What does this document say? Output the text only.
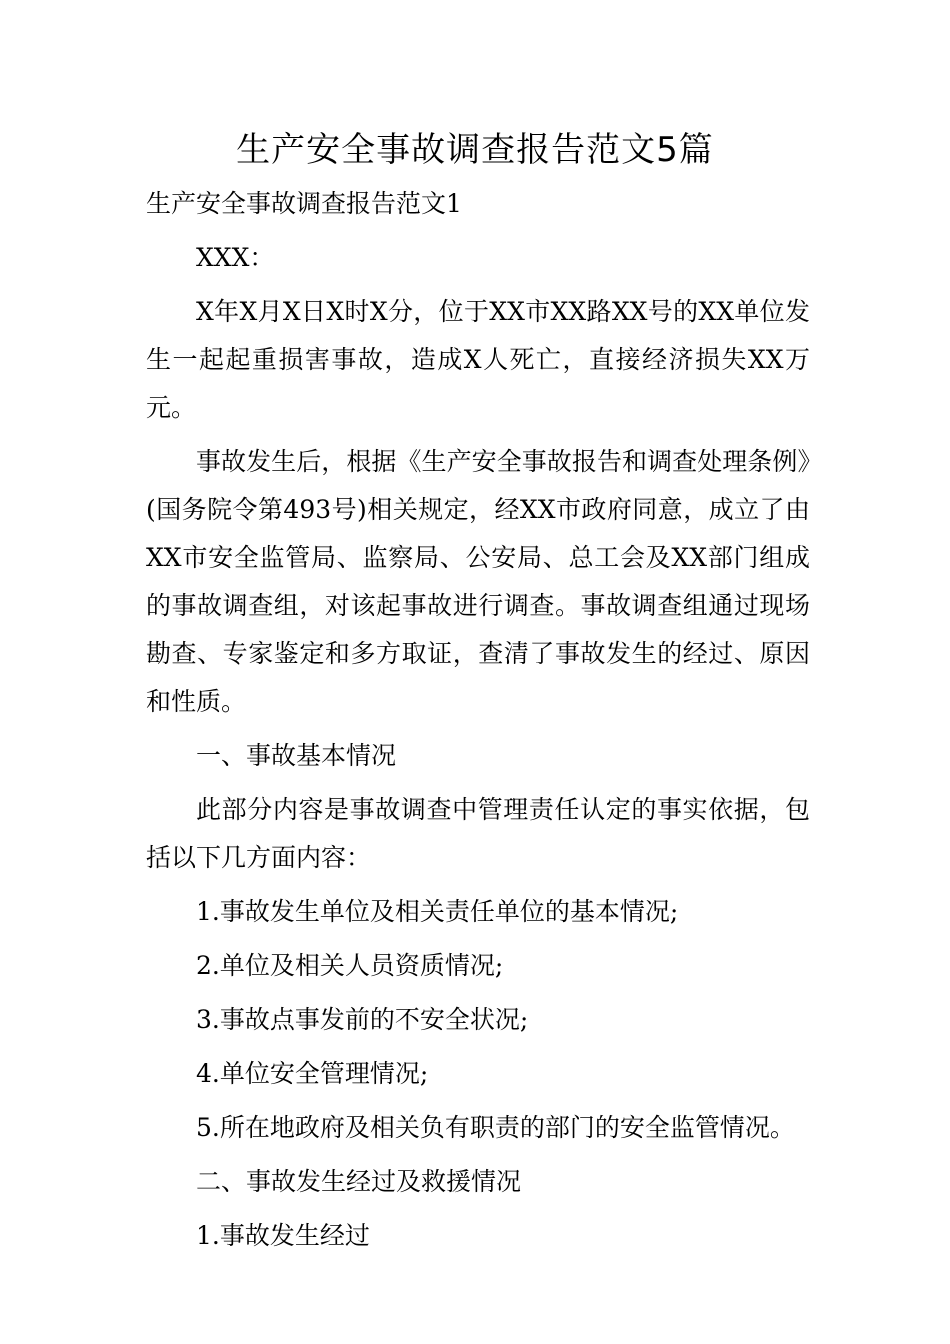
生产安全事故调查报告范文5篇

生产安全事故调查报告范文1

XXX：

X年X月X日X时X分，位于XX市XX路XX号的XX单位发生一起起重损害事故，造成X人死亡，直接经济损失XX万元。

事故发生后，根据《生产安全事故报告和调查处理条例》(国务院令第493号)相关规定，经XX市政府同意，成立了由XX市安全监管局、监察局、公安局、总工会及XX部门组成的事故调查组，对该起事故进行调查。事故调查组通过现场勘查、专家鉴定和多方取证，查清了事故发生的经过、原因和性质。

一、事故基本情况

此部分内容是事故调查中管理责任认定的事实依据，包括以下几方面内容：

1.事故发生单位及相关责任单位的基本情况;

2.单位及相关人员资质情况;

3.事故点事发前的不安全状况;

4.单位安全管理情况;

5.所在地政府及相关负有职责的部门的安全监管情况。

二、事故发生经过及救援情况

1.事故发生经过
